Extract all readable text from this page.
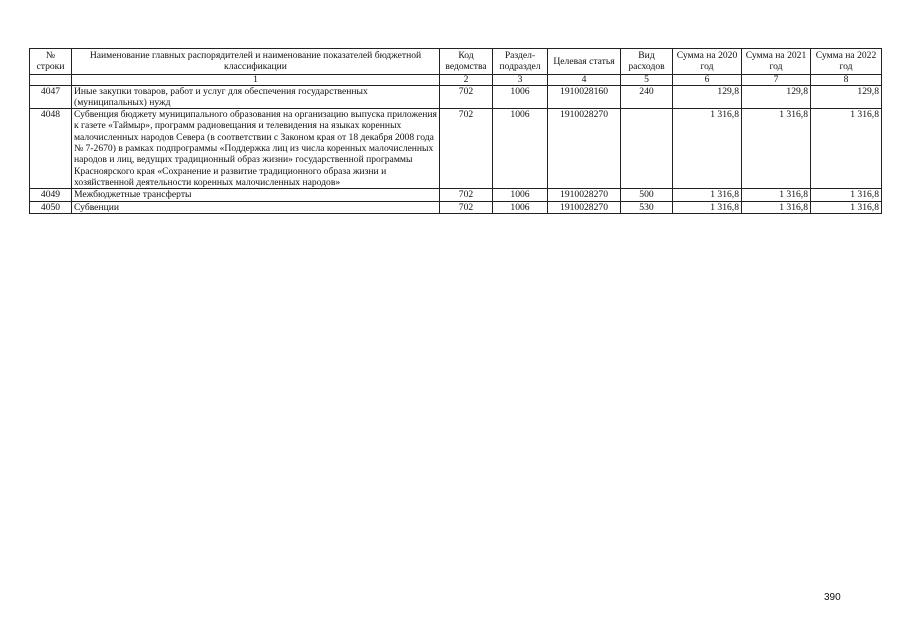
№ строки	Наименование главных распорядителей и наименование показателей бюджетной классификации	Код ведомства	Раздел-подраздел	Целевая статья	Вид расходов	Сумма на 2020 год	Сумма на 2021 год	Сумма на 2022 год
	1	2	3	4	5	6	7	8
4047	Иные закупки товаров, работ и услуг для обеспечения государственных (муниципальных) нужд	702	1006	1910028160	240	129,8	129,8	129,8
4048	Субвенция бюджету муниципального образования на организацию выпуска приложения к газете «Таймыр», программ радиовещания и телевидения на языках коренных малочисленных народов Севера (в соответствии с Законом края от 18 декабря 2008 года № 7-2670) в рамках подпрограммы «Поддержка лиц из числа коренных малочисленных народов и лиц, ведущих традиционный образ жизни» государственной программы Красноярского края «Сохранение и развитие традиционного образа жизни и хозяйственной деятельности коренных малочисленных народов»	702	1006	1910028270		1 316,8	1 316,8	1 316,8
4049	Межбюджетные трансферты	702	1006	1910028270	500	1 316,8	1 316,8	1 316,8
4050	Субвенции	702	1006	1910028270	530	1 316,8	1 316,8	1 316,8
390
